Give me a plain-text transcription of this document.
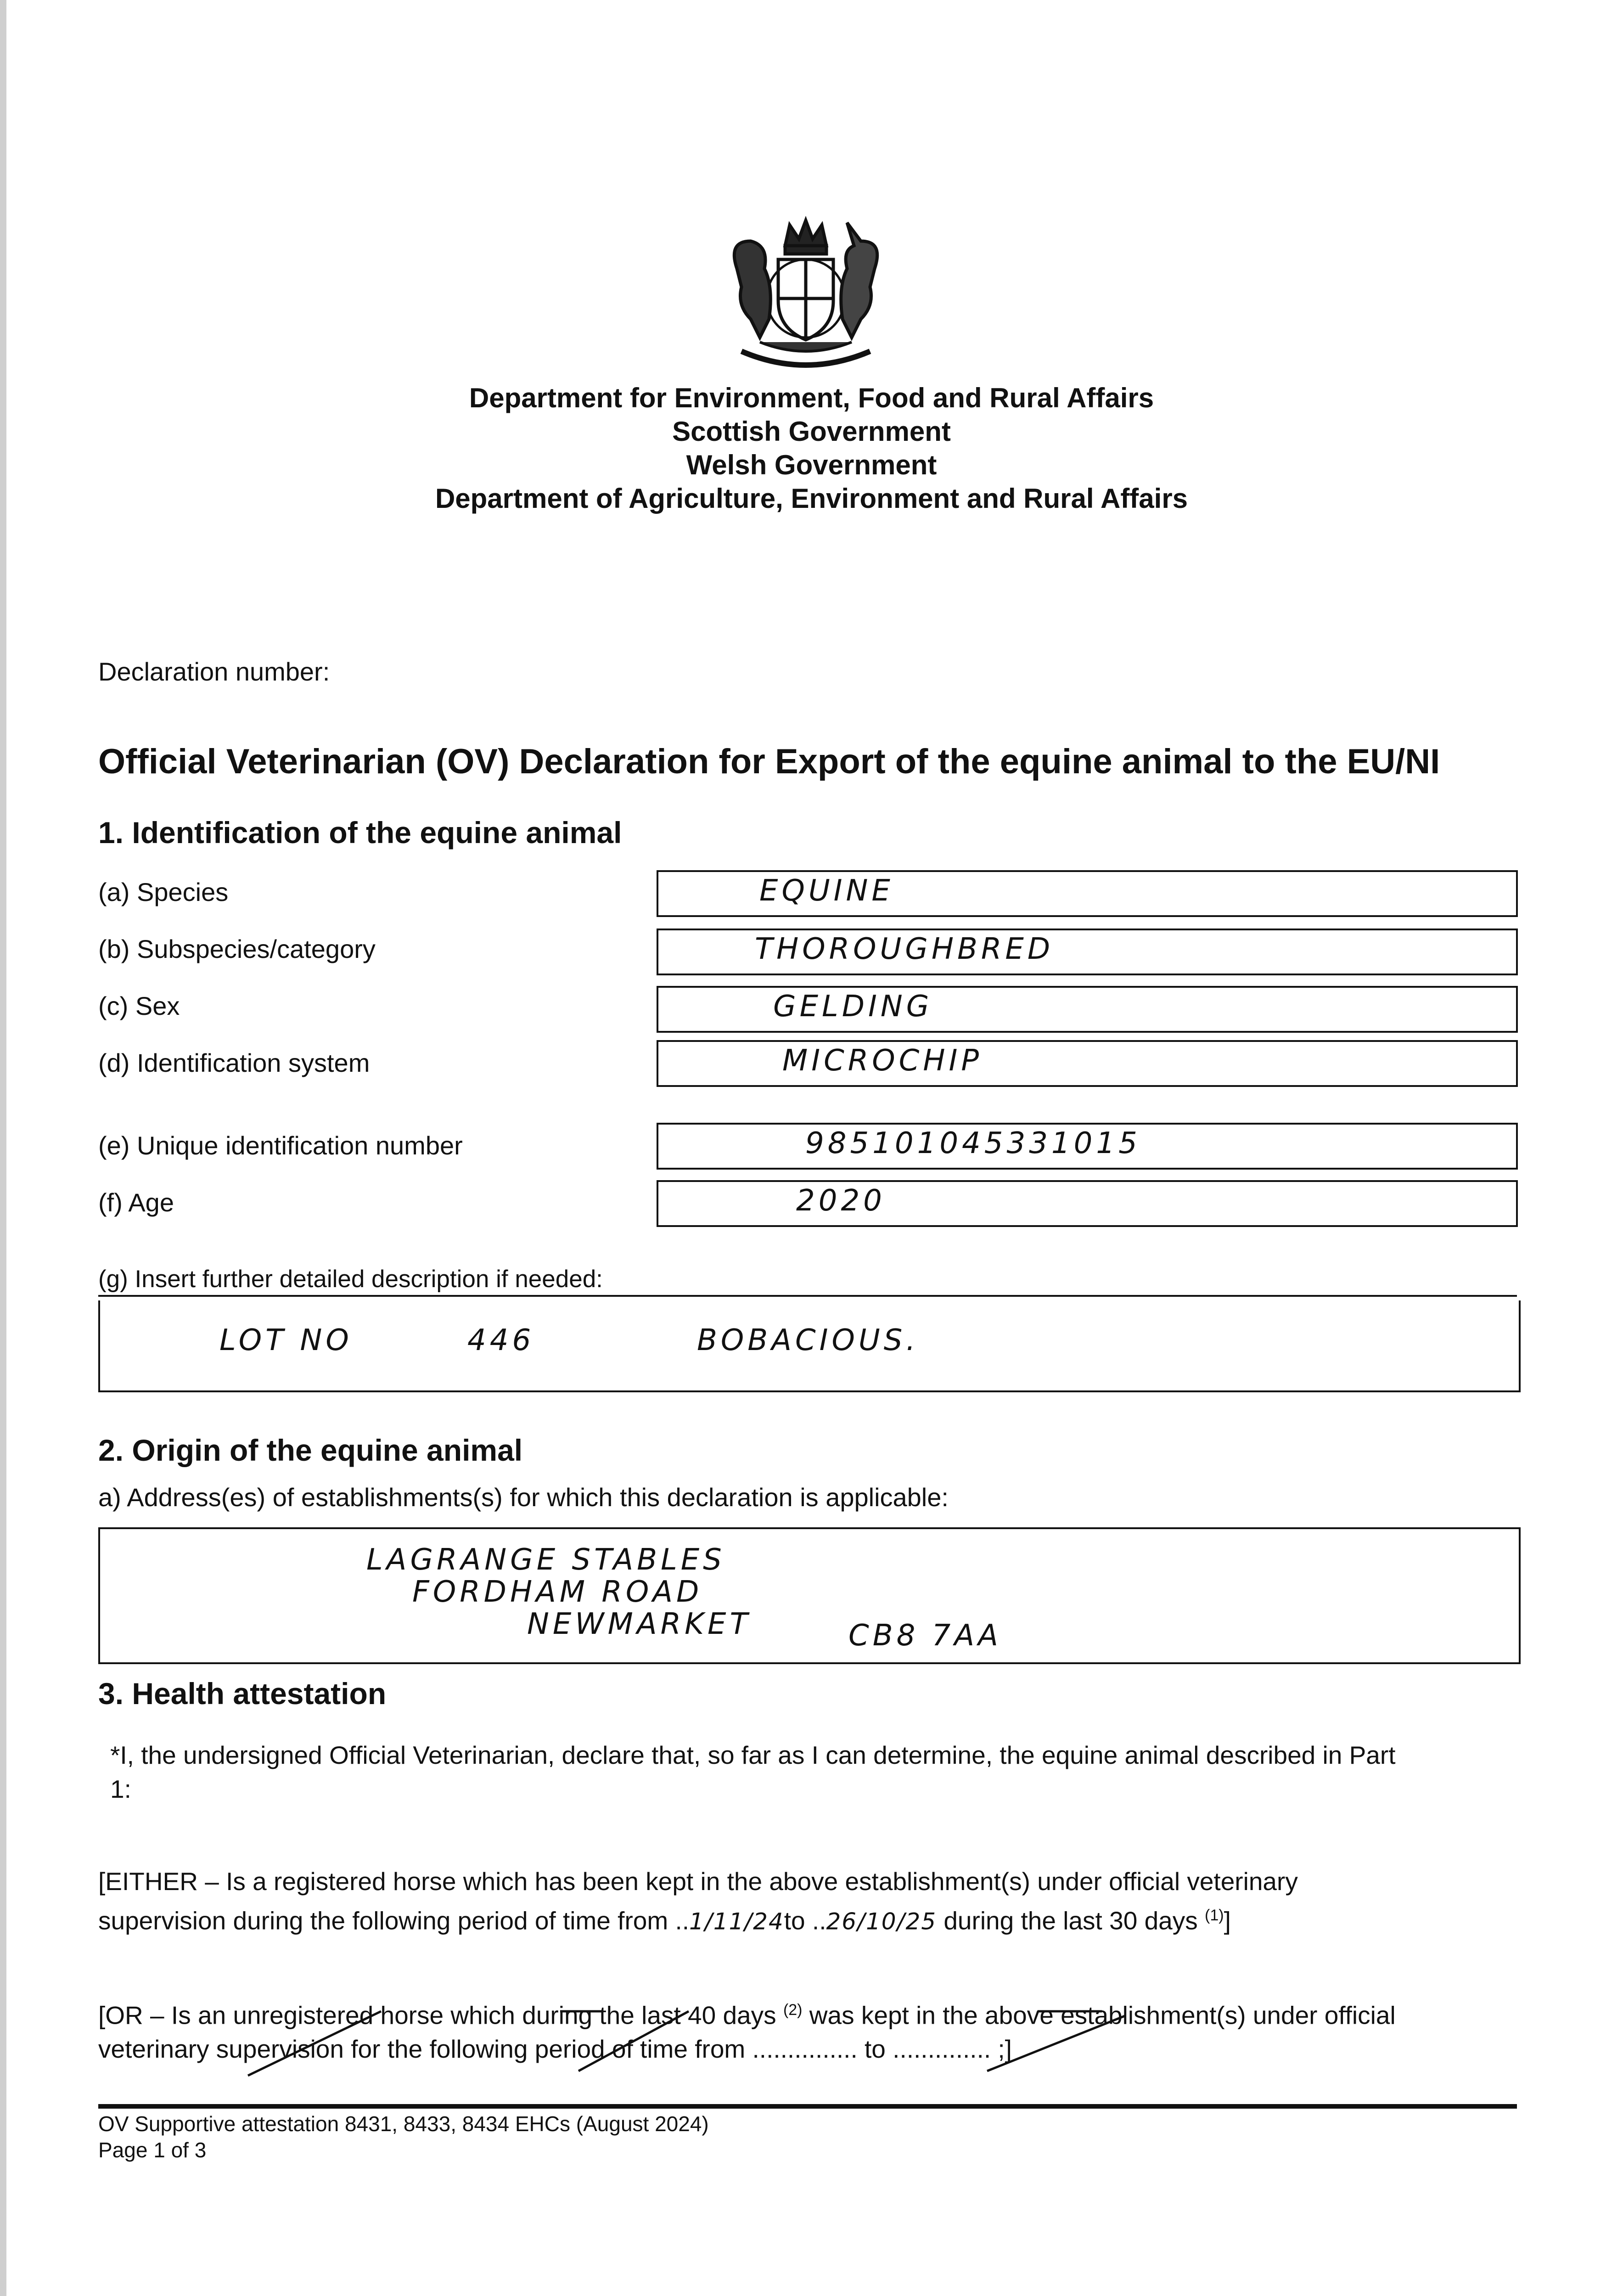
Department for Environment, Food and Rural Affairs
Scottish Government
Welsh Government
Department of Agriculture, Environment and Rural Affairs
Declaration number:
Official Veterinarian (OV) Declaration for Export of the equine animal to the EU/NI
1. Identification of the equine animal
(a) Species	EQUINE
(b) Subspecies/category	THOROUGHBRED
(c) Sex	GELDING
(d) Identification system	MICROCHIP
(e) Unique identification number	985101045331015
(f) Age	2020
(g) Insert further detailed description if needed:
LOT NO	446	BOBACIOUS.
2. Origin of the equine animal
a) Address(es) of establishments(s) for which this declaration is applicable:
LAGRANGE STABLES
FORDHAM ROAD
NEWMARKET	CB8 7AA
3. Health attestation
*I, the undersigned Official Veterinarian, declare that, so far as I can determine, the equine animal described in Part
1:
[EITHER – Is a registered horse which has been kept in the above establishment(s) under official veterinary
supervision during the following period of time from ..1/11/24to ..26/10/25 during the last 30 days $^{(1)}$]
[OR – Is an unregistered horse which during the last 40 days $^{(2)}$ was kept in the above establishment(s) under official
veterinary supervision for the following period of time from ............... to .............. ;]
OV Supportive attestation 8431, 8433, 8434 EHCs (August 2024)
Page 1 of 3
